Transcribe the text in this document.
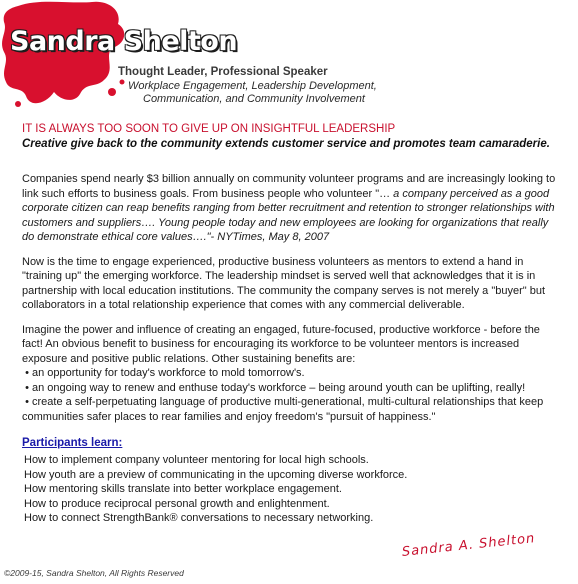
Sandra Shelton
Thought Leader, Professional Speaker
Workplace Engagement, Leadership Development,
Communication, and Community Involvement
IT IS ALWAYS TOO SOON TO GIVE UP ON INSIGHTFUL LEADERSHIP
Creative give back to the community extends customer service and promotes team camaraderie.

Companies spend nearly $3 billion annually on community volunteer programs and are increasingly looking to link such efforts to business goals. From business people who volunteer "… a company perceived as a good corporate citizen can reap benefits ranging from better recruitment and retention to stronger relationships with customers and suppliers…. Young people today and new employees are looking for organizations that really do demonstrate ethical core values…."- NYTimes, May 8, 2007

Now is the time to engage experienced, productive business volunteers as mentors to extend a hand in "training up" the emerging workforce. The leadership mindset is served well that acknowledges that it is in partnership with local education institutions. The community the company serves is not merely a "buyer" but collaborators in a total relationship experience that comes with any commercial deliverable.

Imagine the power and influence of creating an engaged, future-focused, productive workforce - before the fact! An obvious benefit to business for encouraging its workforce to be volunteer mentors is increased exposure and positive public relations. Other sustaining benefits are:

• an opportunity for today's workforce to mold tomorrow's.
• an ongoing way to renew and enthuse today's workforce – being around youth can be uplifting, really!
• create a self-perpetuating language of productive multi-generational, multi-cultural relationships that keep communities safer places to rear families and enjoy freedom's "pursuit of happiness."
Participants learn:
How to implement company volunteer mentoring for local high schools.
How youth are a preview of communicating in the upcoming diverse workforce.
How mentoring skills translate into better workplace engagement.
How to produce reciprocal personal growth and enlightenment.
How to connect StrengthBank® conversations to necessary networking.
Sandra A. Shelton
©2009-15, Sandra Shelton, All Rights Reserved
